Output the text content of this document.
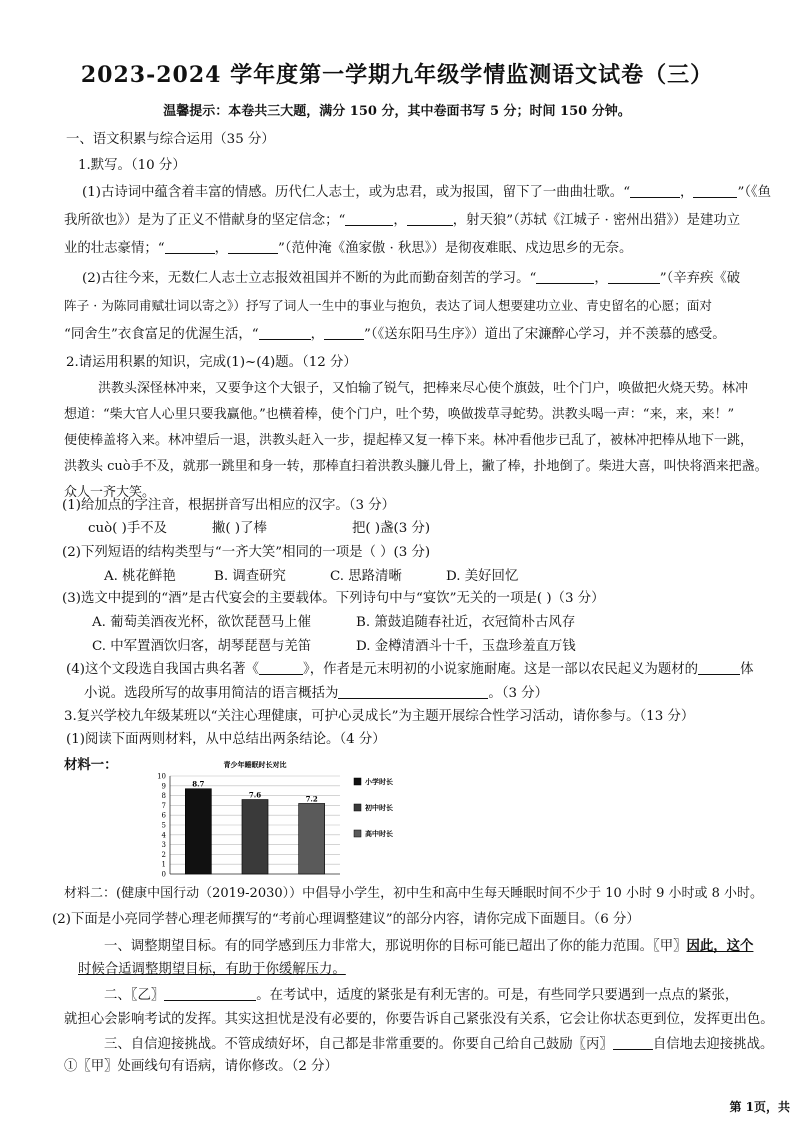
2023-2024 学年度第一学期九年级学情监测语文试卷（三）
温馨提示：本卷共三大题，满分 150 分，其中卷面书写 5 分；时间 150 分钟。
一、语文积累与综合运用（35 分）
1.默写。（10 分）
(1)古诗词中蕴含着丰富的情感。历代仁人志士，或为忠君，或为报国，留下了一曲曲壮歌。“	，	”（《鱼
我所欲也》）是为了正义不惜献身的坚定信念；“	，	，射天狼”（苏轼《江城子 · 密州出猎》）是建功立
业的壮志豪情；“	，	”（范仲淹《渔家傲 · 秋思》）是彻夜难眠、戍边思乡的无奈。
(2)古往今来，无数仁人志士立志报效祖国并不断的为此而勤奋刻苦的学习。“	，	”（辛弃疾《破
阵子 · 为陈同甫赋壮词以寄之》）抒写了词人一生中的事业与抱负，表达了词人想要建功立业、青史留名的心愿；面对
“同舍生”衣食富足的优渥生活，“	，	”（《送东阳马生序》）道出了宋濂醉心学习，并不羡慕的感受。
2.请运用积累的知识，完成(1)~(4)题。（12 分）
洪教头深怪林冲来，又要争这个大银子，又怕输了锐气，把棒来尽心使个旗鼓，吐个门户，唤做把火烧天势。林冲
想道：“柴大官人心里只要我赢他。”也横着棒，使个门户，吐个势，唤做拨草寻蛇势。洪教头喝一声：“来，来，来！”
便使棒盖将入来。林冲望后一退，洪教头赶入一步，提起棒又复一棒下来。林冲看他步已乱了，被林冲把棒从地下一跳，
洪教头 cuò手不及，就那一跳里和身一转，那棒直扫着洪教头臁儿骨上，撇了棒，扑地倒了。柴进大喜，叫快将酒来把盏。
众人一齐大笑。
(1)给加点的字注音，根据拼音写出相应的汉字。（3 分）
cuò( )手不及	撇( )了棒	把( )盏(3 分)
(2)下列短语的结构类型与“一齐大笑”相同的一项是（ ）(3 分)
A. 桃花鲜艳	B. 调查研究	C. 思路清晰	D. 美好回忆
(3)选文中提到的“酒”是古代宴会的主要载体。下列诗句中与“宴饮”无关的一项是( )（3 分）
A. 葡萄美酒夜光杯，欲饮琵琶马上催	B. 箫鼓追随春社近，衣冠简朴古风存
C. 中军置酒饮归客，胡琴琵琶与羌笛	D. 金樽清酒斗十千，玉盘珍羞直万钱
(4)这个文段选自我国古典名著《	》，作者是元末明初的小说家施耐庵。这是一部以农民起义为题材的	体
小说。选段所写的故事用简洁的语言概括为	。（3 分）
3.复兴学校九年级某班以“关注心理健康，可护心灵成长”为主题开展综合性学习活动，请你参与。（13 分）
(1)阅读下面两则材料，从中总结出两条结论。（4 分）
材料一：	青少年睡眠时长对比
0
1
2
3
4
5
6
7
8
9
10
8.7
7.6	7.2
小学时长
初中时长
高中时长
材料二：(健康中国行动（2019-2030））中倡导小学生，初中生和高中生每天睡眠时间不少于 10 小时 9 小时或 8 小时。
(2)下面是小亮同学替心理老师撰写的“考前心理调整建议”的部分内容，请你完成下面题目。（6 分）
一、调整期望目标。有的同学感到压力非常大，那说明你的目标可能已超出了你的能力范围。〖甲〗因此，这个
时候合适调整期望目标，有助于你缓解压力。
二、〖乙〗	。在考试中，适度的紧张是有利无害的。可是，有些同学只要遇到一点点的紧张，
就担心会影响考试的发挥。其实这担忧是没有必要的，你要告诉自己紧张没有关系，它会让你状态更到位，发挥更出色。
三、自信迎接挑战。不管成绩好坏，自己都是非常重要的。你要自己给自己鼓励〖丙〗	自信地去迎接挑战。
①〖甲〗处画线句有语病，请你修改。（2 分）
第 1页，共
